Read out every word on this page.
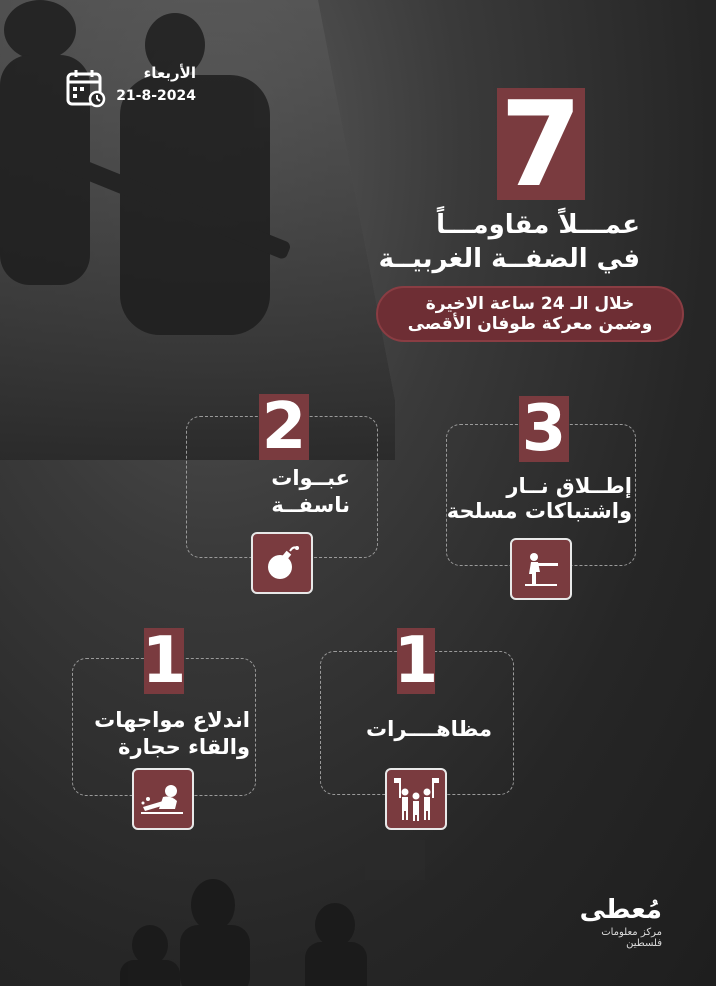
الأربعاء
21-8-2024	7
عمـــلاً مقاومـــاً
في الضفــة الغربيــة
خلال الـ 24 ساعة الاخيرة
وضمن معركة طوفان الأقصى
3
إطــلاق نــار
واشتباكات مسلحة
2
عبــوات
ناسفــة
1
مظاهــــرات
1
اندلاع مواجهات
والقاء حجارة
مُعطى
مركز معلومات فلسطين
